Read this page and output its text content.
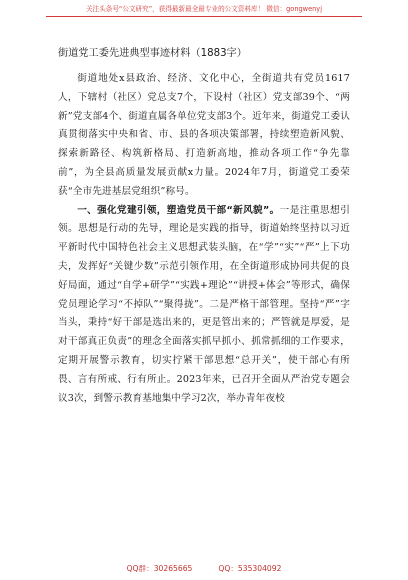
关注头条号“公文研究”，获得最新最全最专业的公文资料库！ 微信：gongwenyj
街道党工委先进典型事迹材料（1883字）

街道地处x县政治、经济、文化中心，全街道共有党员1617人，下辖村（社区）党总支7个，下设村（社区）党支部39个、“两新”党支部4个、街道直属各单位党支部3个。近年来，街道党工委认真贯彻落实中央和省、市、县的各项决策部署，持续塑造新风貌、探索新路径、构筑新格局、打造新高地，推动各项工作“争先靠前”，为全县高质量发展贡献x力量。2024年7月，街道党工委荣获“全市先进基层党组织”称号。

一、强化党建引领，塑造党员干部“新风貌”。一是注重思想引领。思想是行动的先导，理论是实践的指导，街道始终坚持以习近平新时代中国特色社会主义思想武装头脑，在“学”“实”“严”上下功夫，发挥好“关键少数”示范引领作用，在全街道形成协同共促的良好局面，通过“自学+研学”“实践+理论”“讲授+体会”等形式，确保党员理论学习“不掉队”“聚得拢”。二是严格干部管理。坚持“严”字当头，秉持“好干部是选出来的，更是管出来的；严管就是厚爱，是对干部真正负责”的理念全面落实抓早抓小、抓常抓细的工作要求，定期开展警示教育，切实拧紧干部思想“总开关”，使干部心有所畏、言有所戒、行有所止。2023年来，已召开全面从严治党专题会议3次，到警示教育基地集中学习2次，举办青年夜校

QQ群：30265665	QQ：535304092
